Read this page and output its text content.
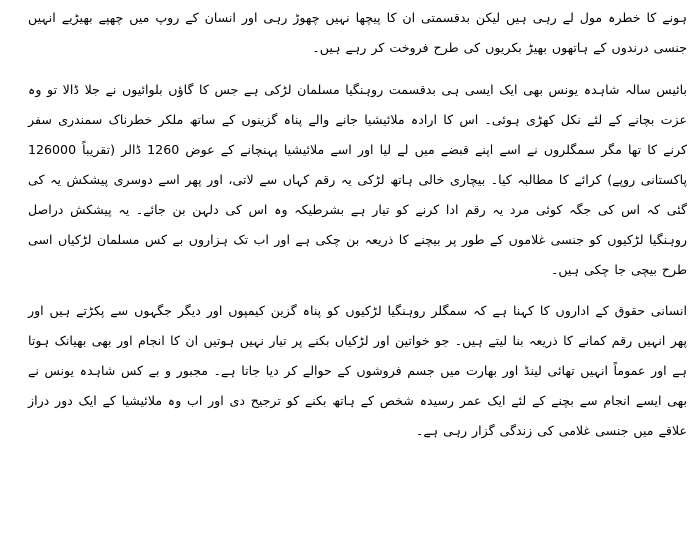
ہونے کا خطرہ مول لے رہی ہیں لیکن بدقسمتی ان کا پیچھا نہیں چھوڑ رہی اور انسان کے روپ میں چھپے بھیڑیے انہیں جنسی درندوں کے ہاتھوں بھیڑ بکریوں کی طرح فروخت کر رہے ہیں۔

بائیس سالہ شاہدہ یونس بھی ایک ایسی ہی بدقسمت روہنگیا مسلمان لڑکی ہے جس کا گاؤں بلوائیوں نے جلا ڈالا تو وہ عزت بچانے کے لئے نکل کھڑی ہوئی۔ اس کا ارادہ ملائیشیا جانے والے پناہ گزینوں کے ساتھ ملکر خطرناک سمندری سفر کرنے کا تھا مگر سمگلروں نے اسے اپنے قبضے میں لے لیا اور اسے ملائیشیا پہنچانے کے عوض 1260 ڈالر (تقریباً 126000 پاکستانی روپے) کرائے کا مطالبہ کیا۔ بیچاری خالی ہاتھ لڑکی یہ رقم کہاں سے لاتی، اور پھر اسے دوسری پیشکش یہ کی گئی کہ اس کی جگہ کوئی مرد یہ رقم ادا کرنے کو تیار ہے بشرطیکہ وہ اس کی دلہن بن جائے۔ یہ پیشکش دراصل روہنگیا لڑکیوں کو جنسی غلاموں کے طور پر بیچنے کا ذریعہ بن چکی ہے اور اب تک ہزاروں بے کس مسلمان لڑکیاں اسی طرح بیچی جا چکی ہیں۔

انسانی حقوق کے اداروں کا کہنا ہے کہ سمگلر روہنگیا لڑکیوں کو پناہ گزین کیمپوں اور دیگر جگہوں سے پکڑتے ہیں اور پھر انہیں رقم کمانے کا ذریعہ بنا لیتے ہیں۔ جو خواتین اور لڑکیاں بکنے پر تیار نہیں ہوتیں ان کا انجام اور بھی بھیانک ہوتا ہے اور عموماً انہیں تھائی لینڈ اور بھارت میں جسم فروشوں کے حوالے کر دیا جاتا ہے۔ مجبور و بے کس شاہدہ یونس نے بھی ایسے انجام سے بچنے کے لئے ایک عمر رسیدہ شخص کے ہاتھ بکنے کو ترجیح دی اور اب وہ ملائیشیا کے ایک دور دراز علاقے میں جنسی غلامی کی زندگی گزار رہی ہے۔
